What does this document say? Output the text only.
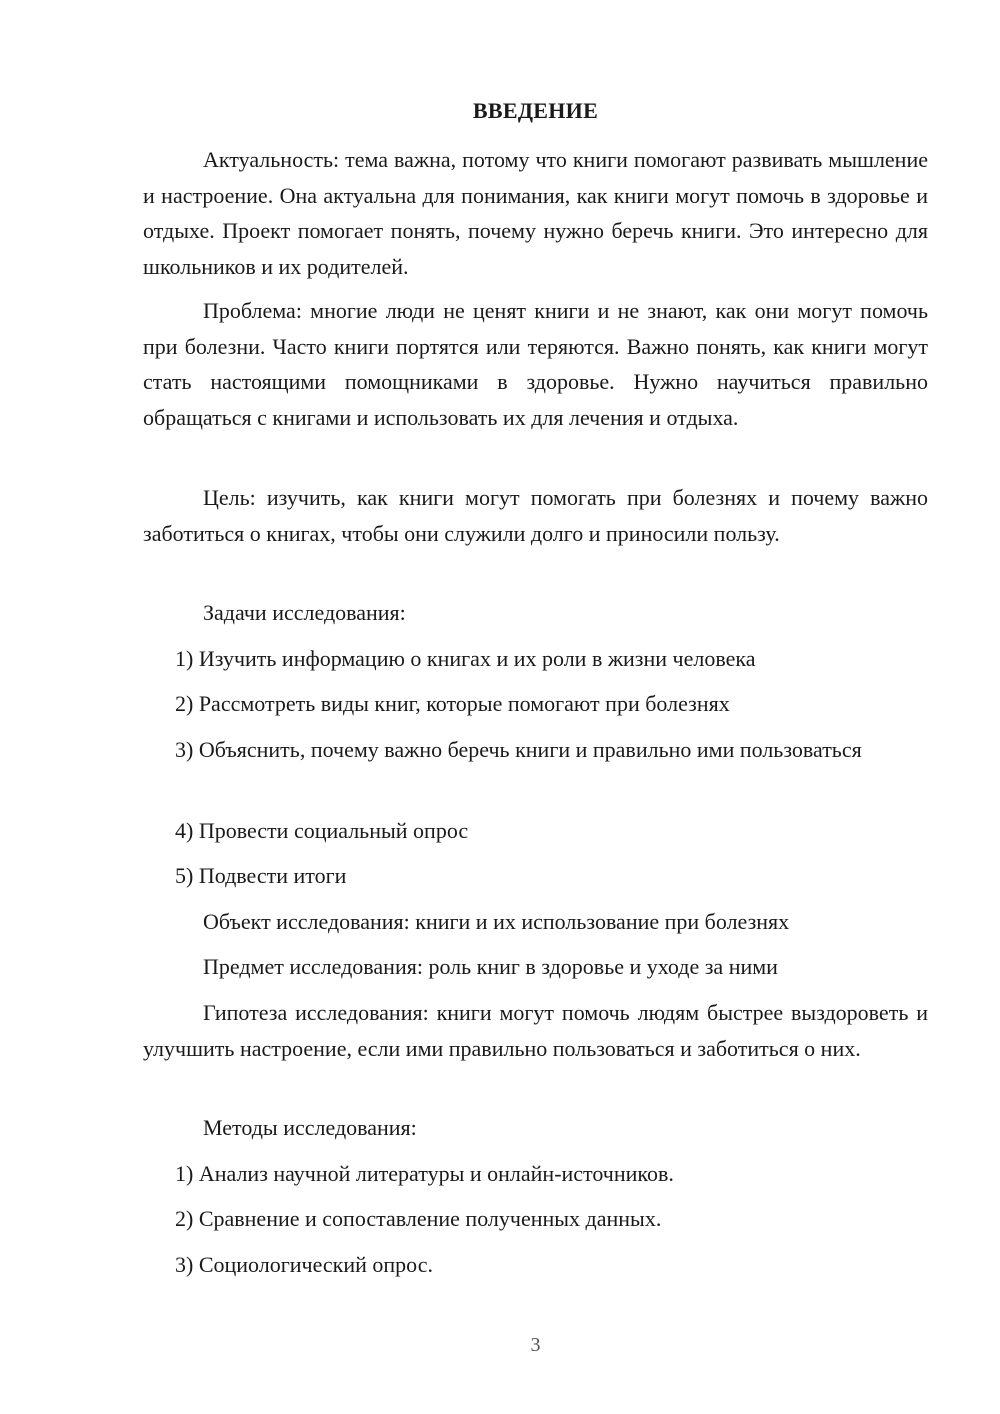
ВВЕДЕНИЕ

Актуальность: тема важна, потому что книги помогают развивать мышление и настроение. Она актуальна для понимания, как книги могут помочь в здоровье и отдыхе. Проект помогает понять, почему нужно беречь книги. Это интересно для школьников и их родителей.

Проблема: многие люди не ценят книги и не знают, как они могут помочь при болезни. Часто книги портятся или теряются. Важно понять, как книги могут стать настоящими помощниками в здоровье. Нужно научиться правильно обращаться с книгами и использовать их для лечения и отдыха.

Цель: изучить, как книги могут помогать при болезнях и почему важно заботиться о книгах, чтобы они служили долго и приносили пользу.

Задачи исследования:

1) Изучить информацию о книгах и их роли в жизни человека

2) Рассмотреть виды книг, которые помогают при болезнях

3) Объяснить, почему важно беречь книги и правильно ими пользоваться

4) Провести социальный опрос

5) Подвести итоги

Объект исследования: книги и их использование при болезнях
Предмет исследования: роль книг в здоровье и уходе за ними

Гипотеза исследования: книги могут помочь людям быстрее выздороветь и улучшить настроение, если ими правильно пользоваться и заботиться о них.

Методы исследования:

1) Анализ научной литературы и онлайн-источников.

2) Сравнение и сопоставление полученных данных.

3) Социологический опрос.

3
